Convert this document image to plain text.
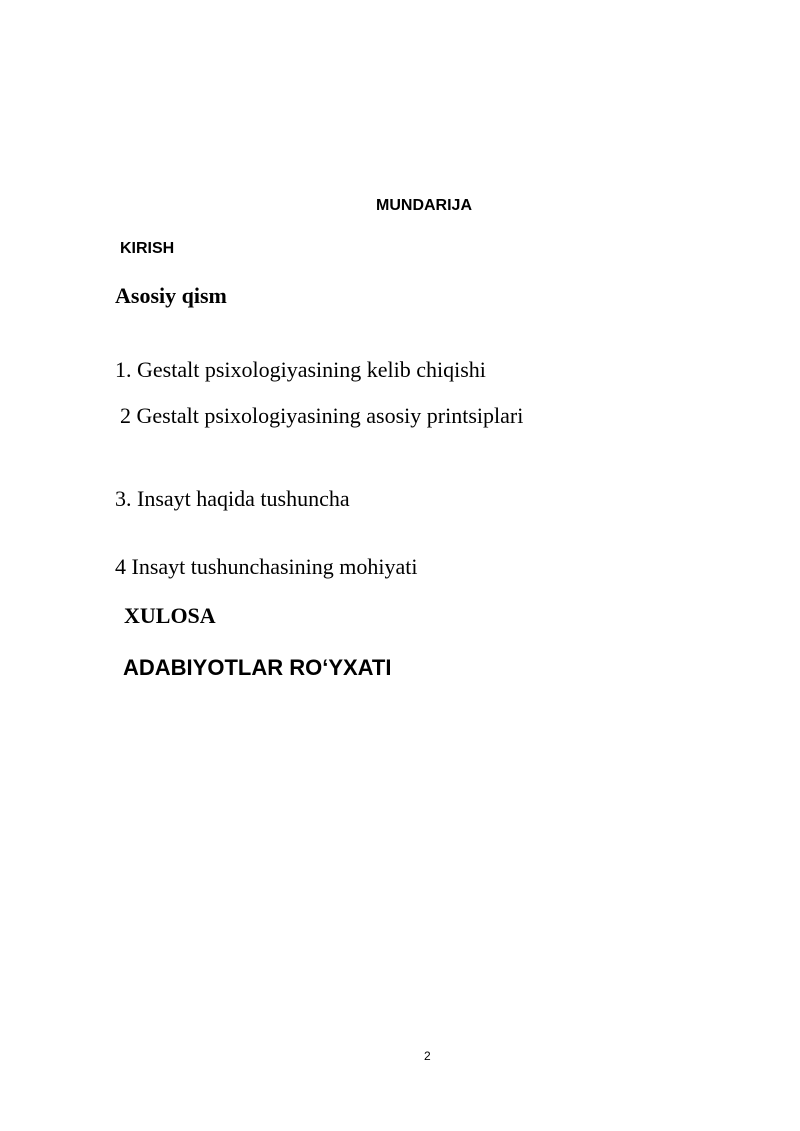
MUNDARIJA
KIRISH
Asosiy qism
1. Gestalt psixologiyasining kelib chiqishi
2 Gestalt psixologiyasining asosiy printsiplari
3. Insayt haqida tushuncha
4 Insayt tushunchasining mohiyati
XULOSA
ADABIYOTLAR RO‘YXATI
2
